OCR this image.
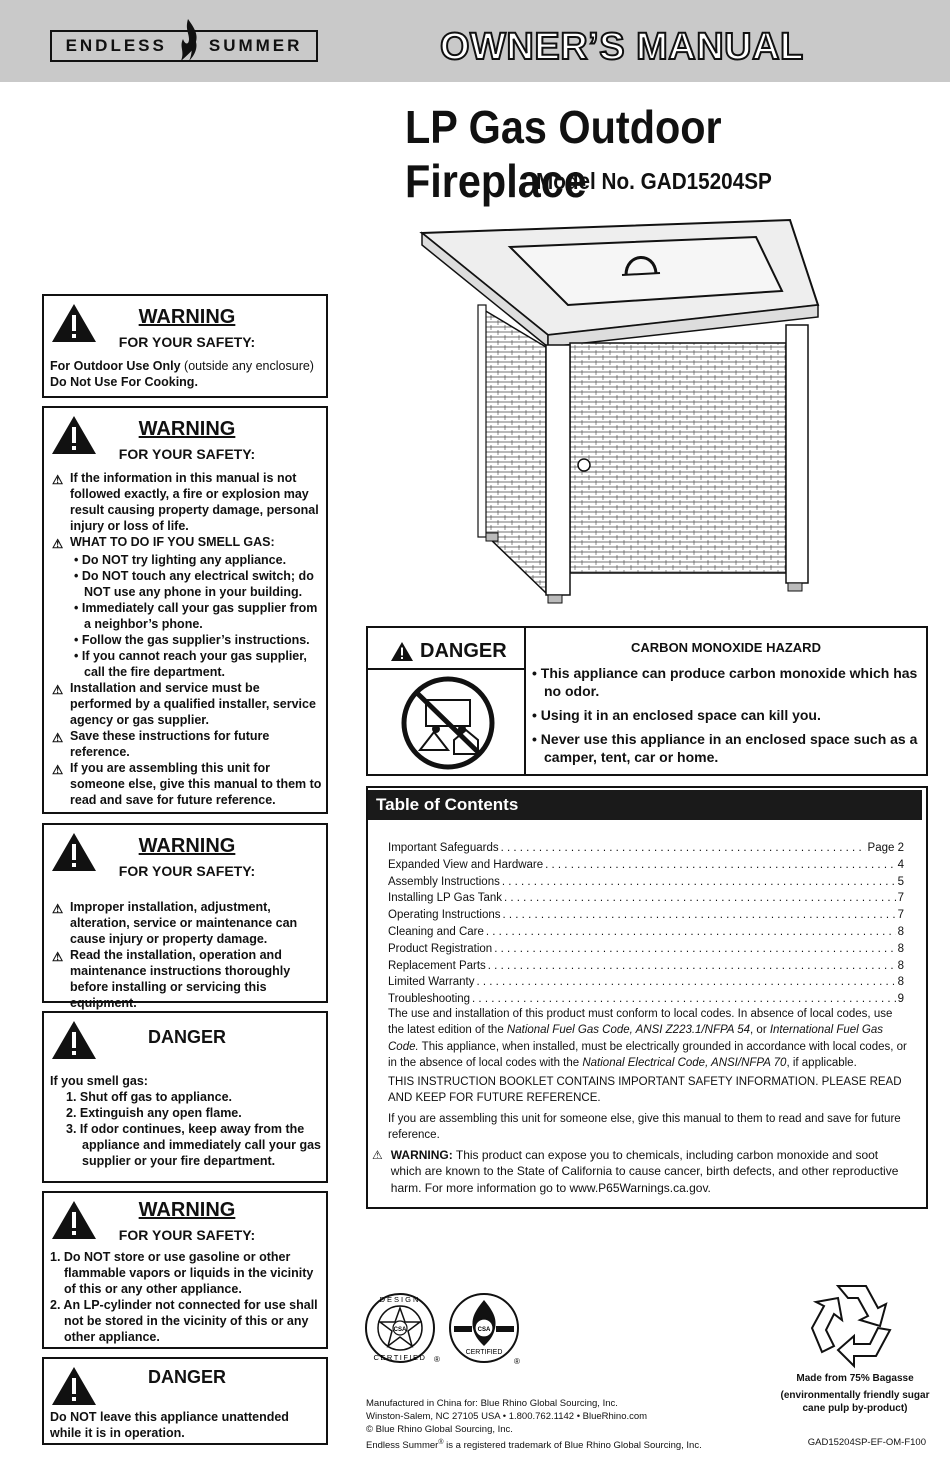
ENDLESS SUMMER	OWNER’S MANUAL
LP Gas Outdoor Fireplace
Model No. GAD15204SP
WARNING
FOR YOUR SAFETY:
For Outdoor Use Only (outside any enclosure)
Do Not Use For Cooking.
WARNING
FOR YOUR SAFETY:
⚠ If the information in this manual is not followed exactly, a fire or explosion may result causing property damage, personal injury or loss of life.
⚠ WHAT TO DO IF YOU SMELL GAS:
• Do NOT try lighting any appliance.
• Do NOT touch any electrical switch; do NOT use any phone in your building.
• Immediately call your gas supplier from a neighbor’s phone.
• Follow the gas supplier’s instructions.
• If you cannot reach your gas supplier, call the fire department.
⚠ Installation and service must be performed by a qualified installer, service agency or gas supplier.
⚠ Save these instructions for future reference.
⚠ If you are assembling this unit for someone else, give this manual to them to read and save for future reference.
WARNING
FOR YOUR SAFETY:
⚠ Improper installation, adjustment, alteration, service or maintenance can cause injury or property damage.
⚠ Read the installation, operation and maintenance instructions thoroughly before installing or servicing this equipment.
DANGER
If you smell gas:
1. Shut off gas to appliance.
2. Extinguish any open flame.
3. If odor continues, keep away from the appliance and immediately call your gas supplier or your fire department.
WARNING
FOR YOUR SAFETY:
1. Do NOT store or use gasoline or other flammable vapors or liquids in the vicinity of this or any other appliance.
2. An LP-cylinder not connected for use shall not be stored in the vicinity of this or any other appliance.
DANGER
Do NOT leave this appliance unattended while it is in operation.
DANGER	CARBON MONOXIDE HAZARD
• This appliance can produce carbon monoxide which has no odor.
• Using it in an enclosed space can kill you.
• Never use this appliance in an enclosed space such as a camper, tent, car or home.
Table of Contents
Important Safeguards . . .	Page 2
Expanded View and Hardware . . .	4
Assembly Instructions . . .	5
Installing LP Gas Tank . . .	7
Operating Instructions . . .	7
Cleaning and Care . . .	8
Product Registration . . .	8
Replacement Parts . . .	8
Limited Warranty . . .	8
Troubleshooting . . .	9
The use and installation of this product must conform to local codes. In absence of local codes, use the latest edition of the National Fuel Gas Code, ANSI Z223.1/NFPA 54, or International Fuel Gas Code. This appliance, when installed, must be electrically grounded in accordance with local codes, or in the absence of local codes with the National Electrical Code, ANSI/NFPA 70, if applicable.
THIS INSTRUCTION BOOKLET CONTAINS IMPORTANT SAFETY INFORMATION. PLEASE READ AND KEEP FOR FUTURE REFERENCE.
If you are assembling this unit for someone else, give this manual to them to read and save for future reference.
⚠ WARNING: This product can expose you to chemicals, including carbon monoxide and soot which are known to the State of California to cause cancer, birth defects, and other reproductive harm. For more information go to www.P65Warnings.ca.gov.
CSA
DESIGN
CERTIFIED ®
CSA
CERTIFIED
®
Made from 75% Bagasse
(environmentally friendly sugar cane pulp by-product)
Manufactured in China for: Blue Rhino Global Sourcing, Inc.
Winston-Salem, NC 27105 USA • 1.800.762.1142 • BlueRhino.com
© Blue Rhino Global Sourcing, Inc.
Endless Summer® is a registered trademark of Blue Rhino Global Sourcing, Inc.	GAD15204SP-EF-OM-F100
